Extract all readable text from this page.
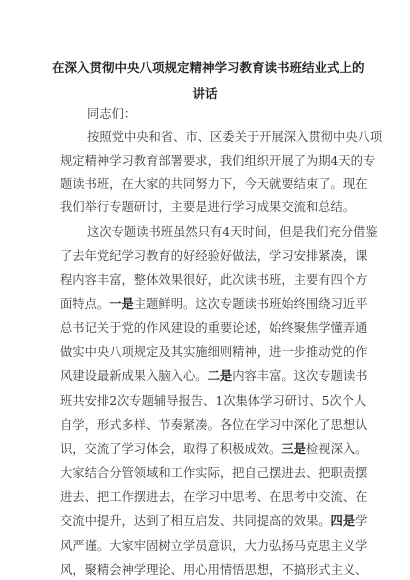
在深入贯彻中央八项规定精神学习教育读书班结业式上的

讲话

同志们：

按照党中央和省、市、区委关于开展深入贯彻中央八项

规定精神学习教育部署要求，我们组织开展了为期4天的专

题读书班，在大家的共同努力下，今天就要结束了。现在

我们举行专题研讨，主要是进行学习成果交流和总结。

这次专题读书班虽然只有4天时间，但是我们充分借鉴

了去年党纪学习教育的好经验好做法，学习安排紧凑，课

程内容丰富，整体效果很好，此次读书班，主要有四个方

面特点。一是主题鲜明。这次专题读书班始终围绕习近平

总书记关于党的作风建设的重要论述，始终聚焦学懂弄通

做实中央八项规定及其实施细则精神，进一步推动党的作

风建设最新成果入脑入心。二是内容丰富。这次专题读书

班共安排2次专题辅导报告、1次集体学习研讨、5次个人

自学，形式多样、节奏紧凑。各位在学习中深化了思想认

识，交流了学习体会，取得了积极成效。三是检视深入。

大家结合分管领域和工作实际，把自己摆进去、把职责摆

进去、把工作摆进去，在学习中思考、在思考中交流、在

交流中提升，达到了相互启发、共同提高的效果。四是学

风严谨。大家牢固树立学员意识，大力弘扬马克思主义学

风，聚精会神学理论、用心用情悟思想，不搞形式主义、
